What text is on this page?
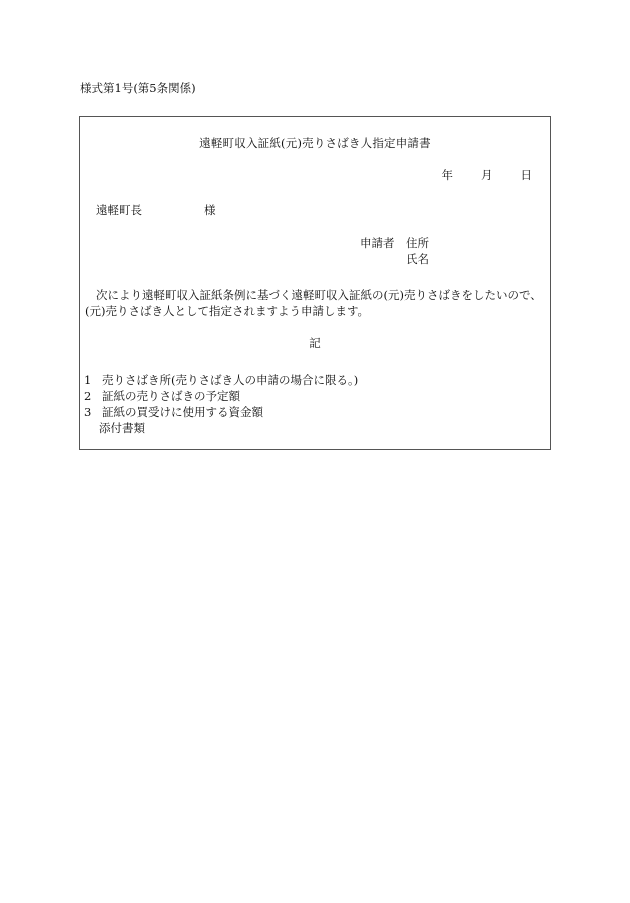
様式第1号(第5条関係)
遠軽町収入証紙(元)売りさばき人指定申請書
年 月 日
遠軽町長	様
申請者 住所
氏名
次により遠軽町収入証紙条例に基づく遠軽町収入証紙の(元)売りさばきをしたいので、(元)売りさばき人として指定されますよう申請します。
記
1 売りさばき所(売りさばき人の申請の場合に限る。)
2 証紙の売りさばきの予定額
3 証紙の買受けに使用する資金額
添付書類
